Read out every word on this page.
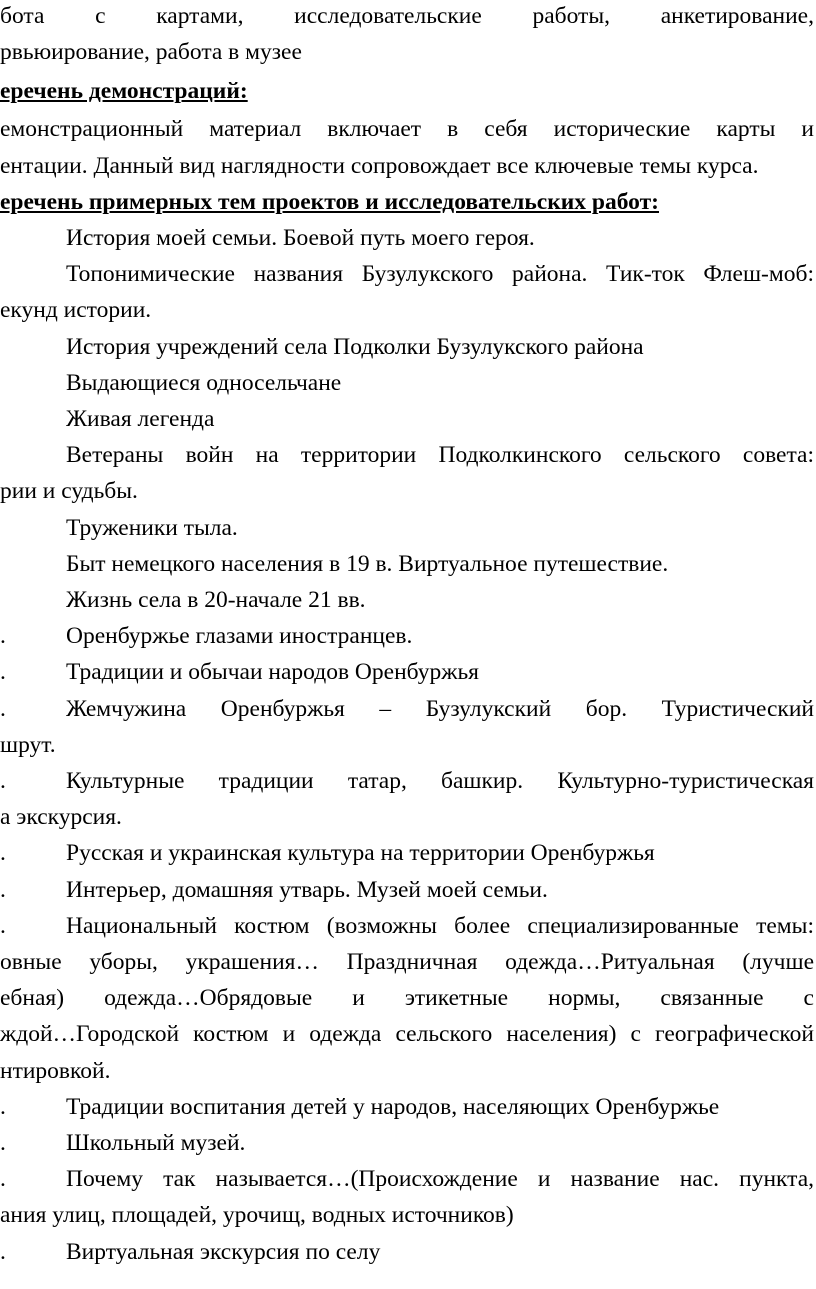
бота с картами, исследовательские работы, анкетирование,
рвьюирование, работа в музее
еречень демонстраций:
емонстрационный материал включает в себя исторические карты и
ентации. Данный вид наглядности сопровождает все ключевые темы курса.
еречень примерных тем проектов и исследовательских работ:
История моей семьи. Боевой путь моего героя.
Топонимические названия Бузулукского района. Тик-ток Флеш-моб:
екунд истории.
История учреждений села Подколки Бузулукского района
Выдающиеся односельчане
Живая легенда
Ветераны войн на территории Подколкинского сельского совета:
рии и судьбы.
Труженики тыла.
Быт немецкого населения в 19 в. Виртуальное путешествие.
Жизнь села в 20-начале 21 вв.
.	Оренбуржье глазами иностранцев.
.	Традиции и обычаи народов Оренбуржья
.	Жемчужина Оренбуржья – Бузулукский бор. Туристический
шрут.
.	Культурные традиции татар, башкир. Культурно-туристическая
а экскурсия.
.	Русская и украинская культура на территории Оренбуржья
.	Интерьер, домашняя утварь. Музей моей семьи.
.	Национальный костюм (возможны более специализированные темы:
овные уборы, украшения… Праздничная одежда…Ритуальная (лучше
ебная) одежда…Обрядовые и этикетные нормы, связанные с
ждой…Городской костюм и одежда сельского населения) с географической
нтировкой.
.	Традиции воспитания детей у народов, населяющих Оренбуржье
.	Школьный музей.
.	Почему так называется…(Происхождение и название нас. пункта,
ания улиц, площадей, урочищ, водных источников)
.	Виртуальная экскурсия по селу
